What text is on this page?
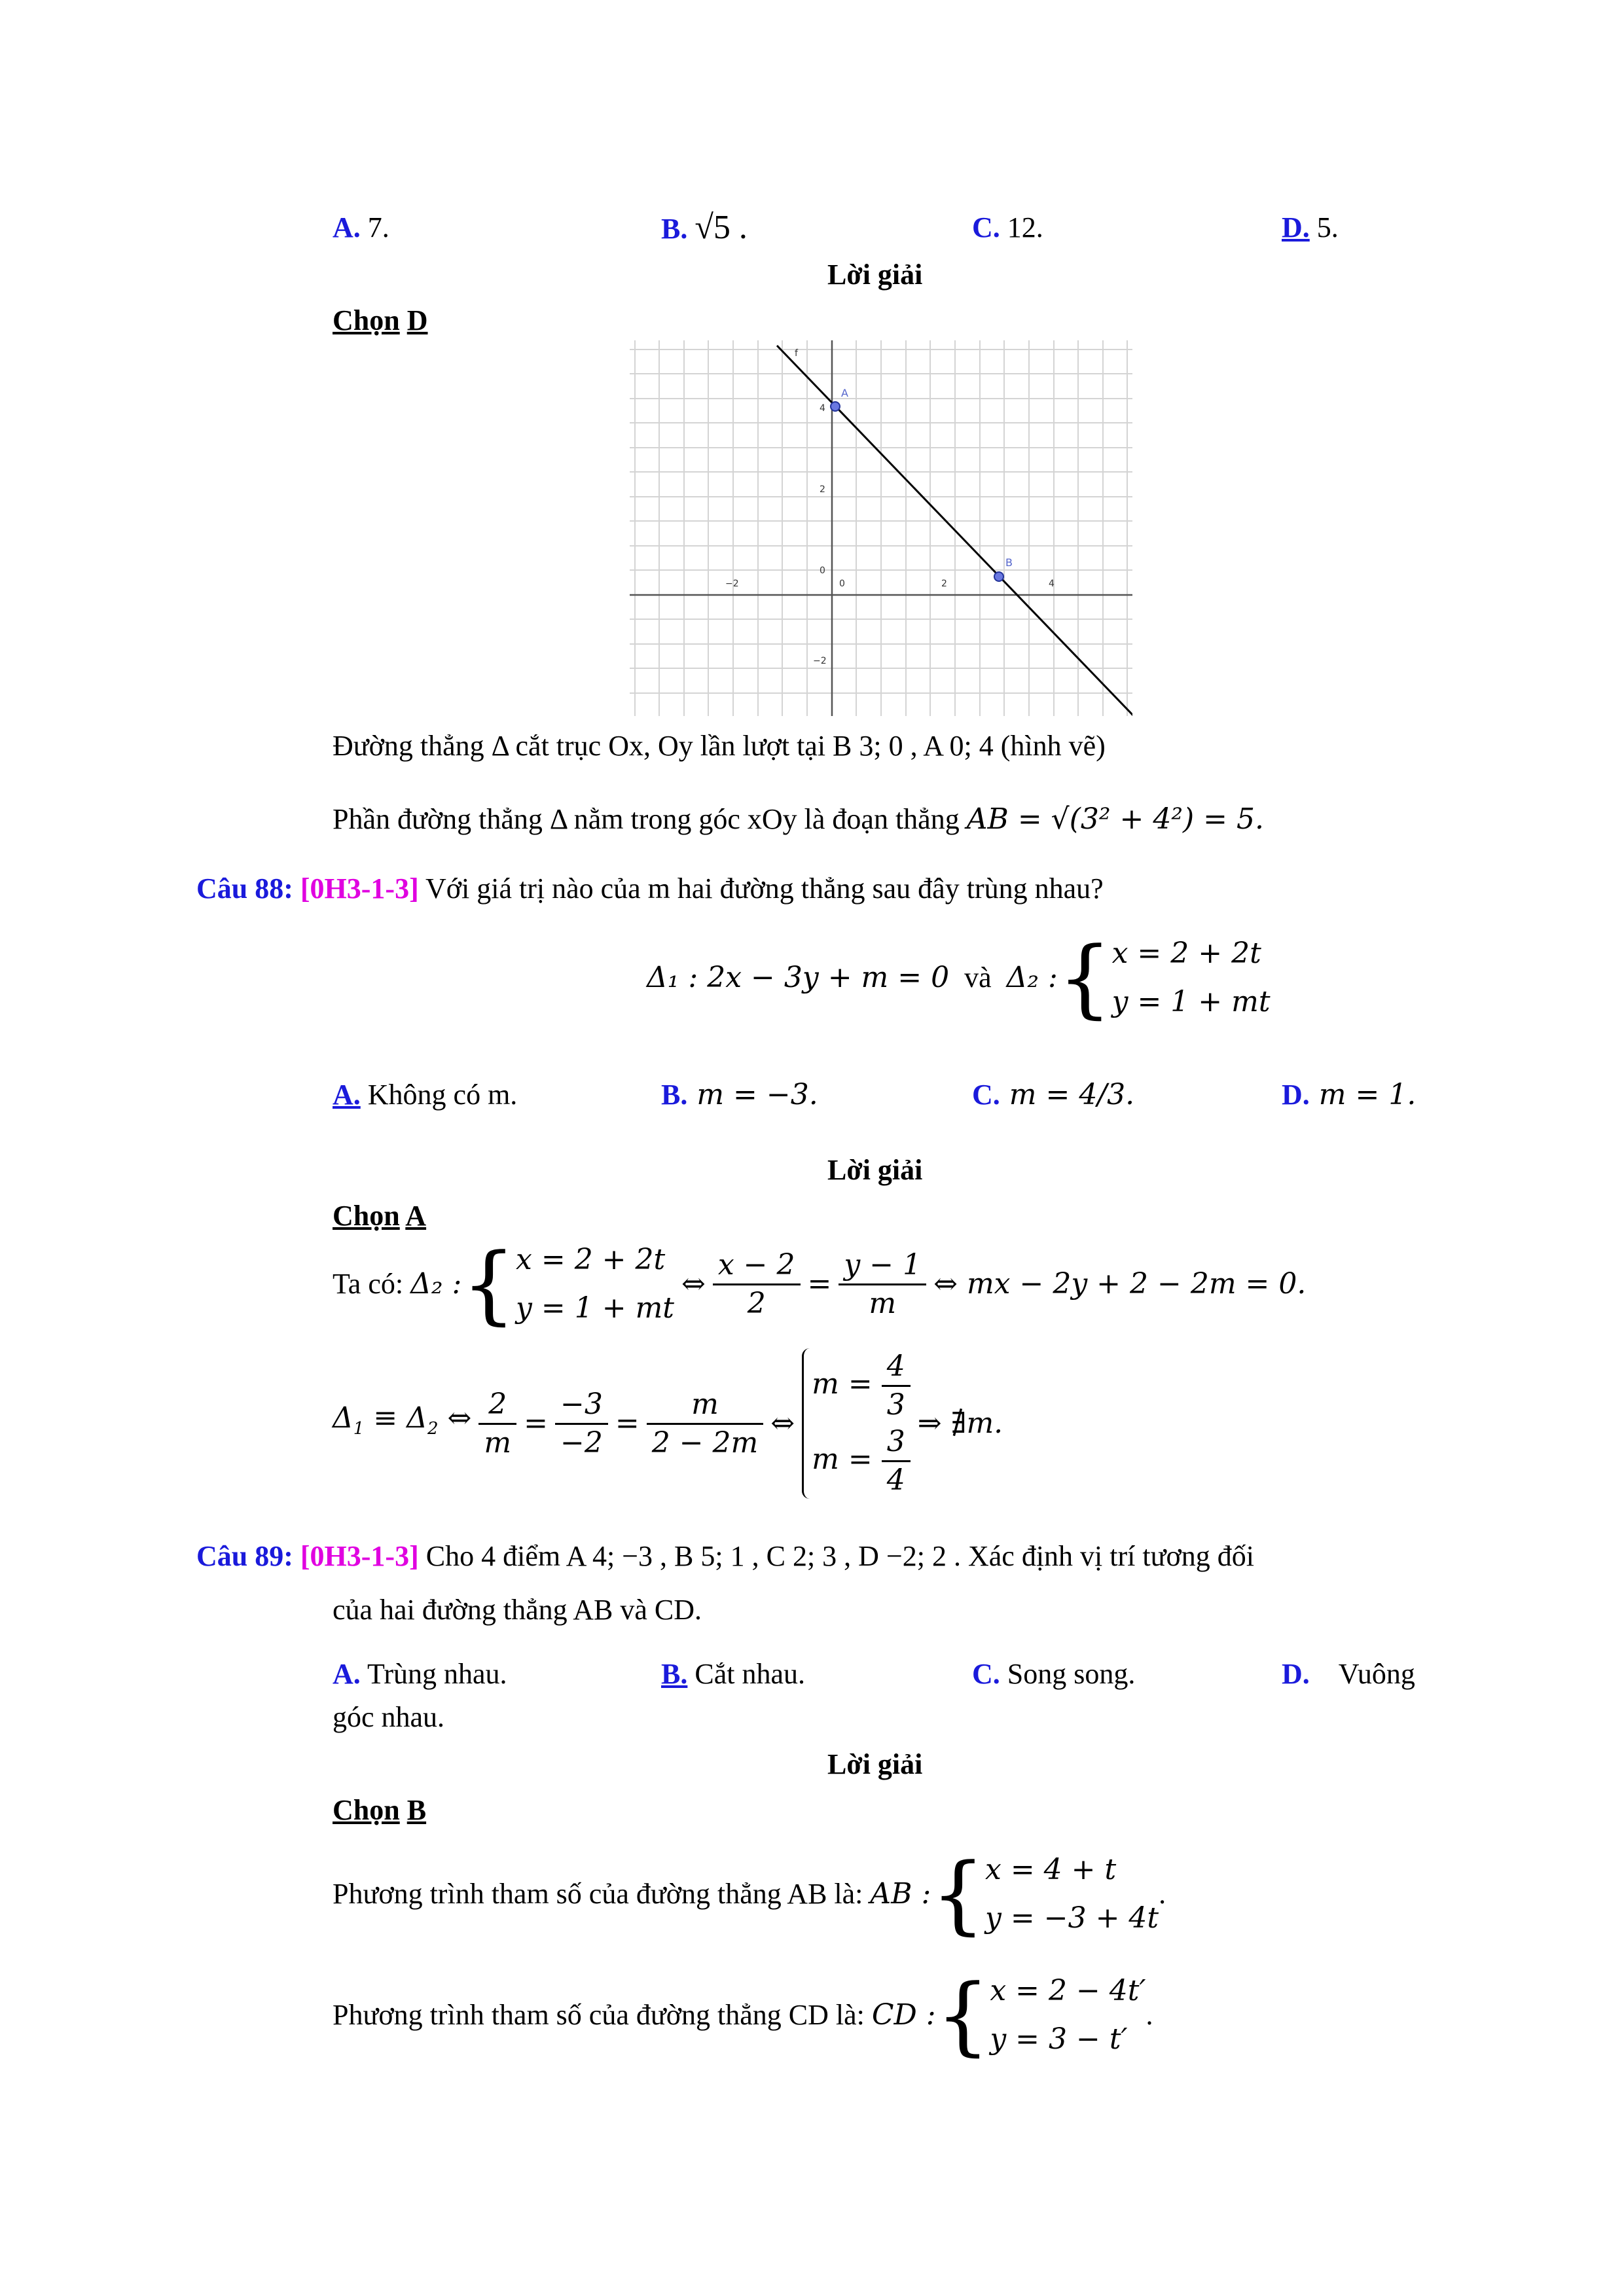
A. 7.	B. √5 .	C. 12.	D. 5.
Lời giải
Chọn D
−2	0	2	4
4
2
0
−2
f
A
B
Đường thẳng Δ cắt trục Ox, Oy lần lượt tại B 3; 0 , A 0; 4 (hình vẽ)
Phần đường thẳng Δ nằm trong góc xOy là đoạn thẳng AB = √(3² + 4²) = 5.
Câu 88: [0H3-1-3] Với giá trị nào của m hai đường thẳng sau đây trùng nhau?
Δ₁ : 2x − 3y + m = 0 và Δ₂ :{ x = 2 + 2t
y = 1 + mt
A. Không có m.	B. m = −3.	C. m = 4/3.	D. m = 1.
Lời giải
Chọn A
Ta có: Δ₂ :{ x = 2 + 2t
y = 1 + mt
⇔ $\frac{x - 2}{2} = \frac{y - 1}{m}$ ⇔ mx − 2y + 2 − 2m = 0.
$\Delta_1 \equiv \Delta_2$ ⇔ $\frac{2}{m} = \frac{-3}{-2} = \frac{m}{2 - 2m}$ ⇔
$m = \frac{4}{3}$
$m = \frac{3}{4}$
⇒ ∄m.
Câu 89: [0H3-1-3] Cho 4 điểm A 4; −3 , B 5; 1 , C 2; 3 , D −2; 2 . Xác định vị trí tương đối
của hai đường thẳng AB và CD.
A. Trùng nhau.	B. Cắt nhau.	C. Song song.	D. Vuông
góc nhau.
Lời giải
Chọn B
Phương trình tham số của đường thẳng AB là: AB :{ x = 4 + t
y = −3 + 4t
.
Phương trình tham số của đường thẳng CD là: CD :{ x = 2 − 4t′
y = 3 − t′
.
